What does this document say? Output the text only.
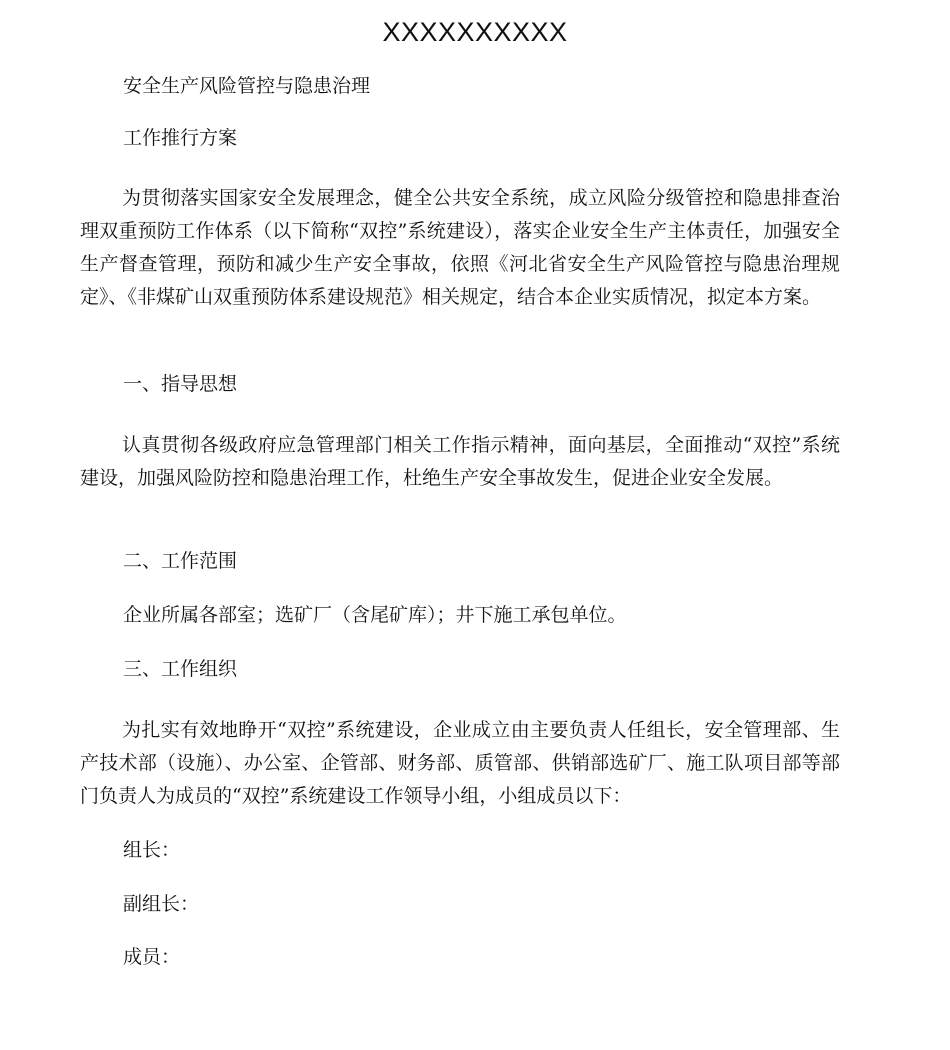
XXXXXXXXXX
安全生产风险管控与隐患治理
工作推行方案
为贯彻落实国家安全发展理念，健全公共安全系统，成立风险分级管控和隐患排查治理双重预防工作体系（以下简称“双控”系统建设），落实企业安全生产主体责任，加强安全生产督查管理，预防和减少生产安全事故，依照《河北省安全生产风险管控与隐患治理规定》、《非煤矿山双重预防体系建设规范》相关规定，结合本企业实质情况，拟定本方案。
一、指导思想
认真贯彻各级政府应急管理部门相关工作指示精神，面向基层，全面推动“双控”系统建设，加强风险防控和隐患治理工作，杜绝生产安全事故发生，促进企业安全发展。
二、工作范围
企业所属各部室；选矿厂（含尾矿库）；井下施工承包单位。
三、工作组织
为扎实有效地睁开“双控”系统建设，企业成立由主要负责人任组长，安全管理部、生产技术部（设施）、办公室、企管部、财务部、质管部、供销部选矿厂、施工队项目部等部门负责人为成员的“双控”系统建设工作领导小组，小组成员以下：
组长：
副组长：
成员：
